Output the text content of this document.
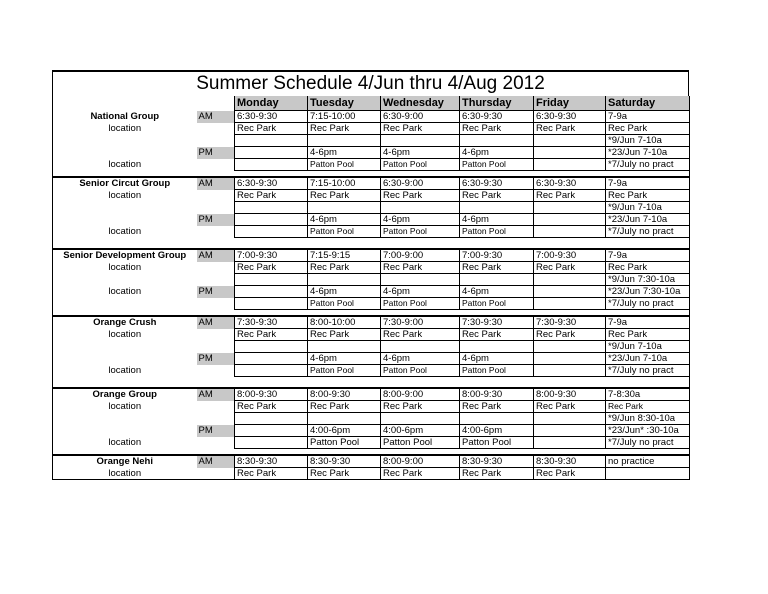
Summer Schedule 4/Jun thru 4/Aug 2012
		Monday	Tuesday	Wednesday	Thursday	Friday	Saturday
National Group	AM	6:30-9:30	7:15-10:00	6:30-9:00	6:30-9:30	6:30-9:30	7-9a
location		Rec Park	Rec Park	Rec Park	Rec Park	Rec Park	Rec Park
							*9/Jun 7-10a
	PM		4-6pm	4-6pm	4-6pm		*23/Jun 7-10a
location			Patton Pool	Patton Pool	Patton Pool		*7/July no pract

Senior Circut Group	AM	6:30-9:30	7:15-10:00	6:30-9:00	6:30-9:30	6:30-9:30	7-9a
location		Rec Park	Rec Park	Rec Park	Rec Park	Rec Park	Rec Park
							*9/Jun 7-10a
	PM		4-6pm	4-6pm	4-6pm		*23/Jun 7-10a
location			Patton Pool	Patton Pool	Patton Pool		*7/July no pract

Senior Development Group	AM	7:00-9:30	7:15-9:15	7:00-9:00	7:00-9:30	7:00-9:30	7-9a
location		Rec Park	Rec Park	Rec Park	Rec Park	Rec Park	Rec Park
							*9/Jun 7:30-10a
location	PM		4-6pm	4-6pm	4-6pm		*23/Jun 7:30-10a
			Patton Pool	Patton Pool	Patton Pool		*7/July no pract

Orange Crush	AM	7:30-9:30	8:00-10:00	7:30-9:00	7:30-9:30	7:30-9:30	7-9a
location		Rec Park	Rec Park	Rec Park	Rec Park	Rec Park	Rec Park
							*9/Jun 7-10a
	PM		4-6pm	4-6pm	4-6pm		*23/Jun 7-10a
location			Patton Pool	Patton Pool	Patton Pool		*7/July no pract

Orange Group	AM	8:00-9:30	8:00-9:30	8:00-9:00	8:00-9:30	8:00-9:30	7-8:30a
location		Rec Park	Rec Park	Rec Park	Rec Park	Rec Park	Rec Park
							*9/Jun 8:30-10a
	PM		4:00-6pm	4:00-6pm	4:00-6pm		*23/Jun* :30-10a
location			Patton Pool	Patton Pool	Patton Pool		*7/July no pract

Orange Nehi	AM	8:30-9:30	8:30-9:30	8:00-9:00	8:30-9:30	8:30-9:30	no practice
location		Rec Park	Rec Park	Rec Park	Rec Park	Rec Park	
